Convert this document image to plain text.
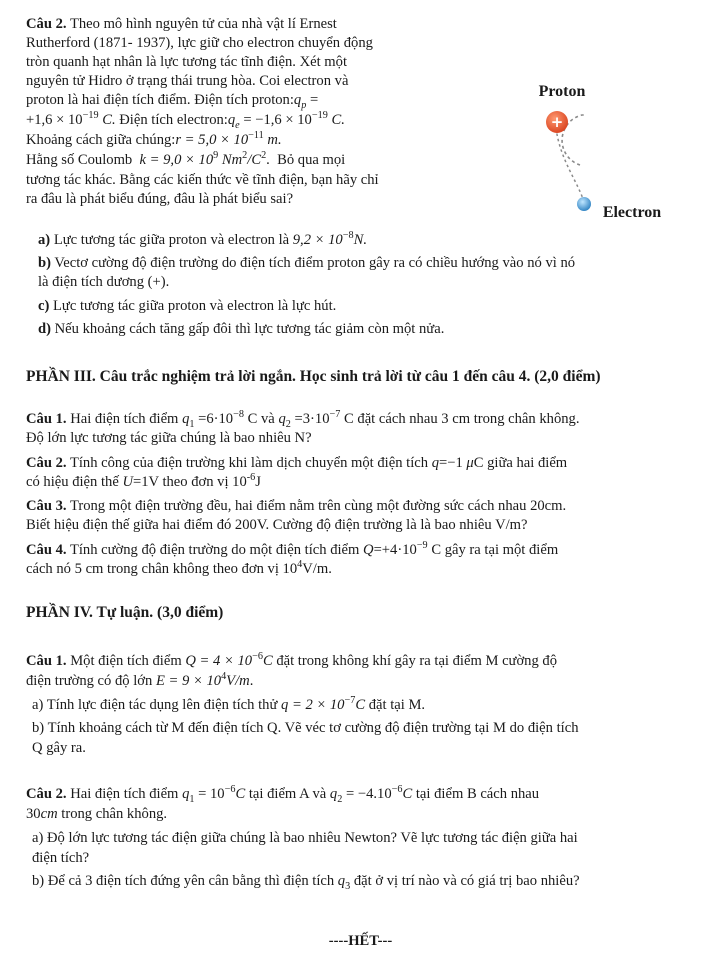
Câu 2. Theo mô hình nguyên tử của nhà vật lí Ernest
Rutherford (1871- 1937), lực giữ cho electron chuyển động
tròn quanh hạt nhân là lực tương tác tĩnh điện. Xét một
nguyên tử Hidro ở trạng thái trung hòa. Coi electron và
proton là hai điện tích điểm. Điện tích $proton:q_p$ =
$+1,6 \times 10^{-19}$ C. Điện tích $electron:q_e = -1,6 \times 10^{-19}$ C.
Khoảng cách giữa chúng:r = $5,0 \times 10^{-11}$ m.
Hằng số Coulomb $k = 9,0 \times 10^9$ $Nm^2/C^2$. Bỏ qua mọi
tương tác khác. Bằng các kiến thức về tĩnh điện, bạn hãy chỉ
ra đâu là phát biểu đúng, đâu là phát biểu sai?
+
Proton
Electron
a) Lực tương tác giữa proton và electron là $9,2 \times 10^{-8}N$.
b) Vectơ cường độ điện trường do điện tích điểm proton gây ra có chiều hướng vào nó vì nó
là điện tích dương (+).
c) Lực tương tác giữa proton và electron là lực hút.
d) Nếu khoảng cách tăng gấp đôi thì lực tương tác giảm còn một nửa.
PHẦN III. Câu trắc nghiệm trả lời ngắn. Học sinh trả lời từ câu 1 đến câu 4. (2,0 điểm)
Câu 1. Hai điện tích điểm $q_1 =6\cdot 10^{-8}$ C và $q_2 =3\cdot 10^{-7}$ C đặt cách nhau 3 cm trong chân không.
Độ lớn lực tương tác giữa chúng là bao nhiêu N?
Câu 2. Tính công của điện trường khi làm dịch chuyển một điện tích q=−1 μC giữa hai điểm
có hiệu điện thế U=1V theo đơn vị $10^{-6}J$
Câu 3. Trong một điện trường đều, hai điểm nằm trên cùng một đường sức cách nhau 20cm.
Biết hiệu điện thế giữa hai điểm đó 200V. Cường độ điện trường là là bao nhiêu V/m?
Câu 4. Tính cường độ điện trường do một điện tích điểm $Q=+4\cdot 10^{-9}$ C gây ra tại một điểm
cách nó 5 cm trong chân không theo đơn vị $10^4V/m$.
PHẦN IV. Tự luận. (3,0 điểm)
Câu 1. Một điện tích điểm $Q = 4 \times 10^{-6}C$ đặt trong không khí gây ra tại điểm M cường độ
điện trường có độ lớn $E = 9 \times 10^4V/m$.
a) Tính lực điện tác dụng lên điện tích thử $q = 2 \times 10^{-7}C$ đặt tại M.
b) Tính khoảng cách từ M đến điện tích Q. Vẽ véc tơ cường độ điện trường tại M do điện tích
Q gây ra.
Câu 2. Hai điện tích điểm $q_1 = 10^{-6}C$ tại điểm A và $q_2 = -4.10^{-6}C$ tại điểm B cách nhau
30cm trong chân không.
a) Độ lớn lực tương tác điện giữa chúng là bao nhiêu Newton? Vẽ lực tương tác điện giữa hai
điện tích?
b) Để cả 3 điện tích đứng yên cân bằng thì điện tích $q_3$ đặt ở vị trí nào và có giá trị bao nhiêu?
----HẾT---
